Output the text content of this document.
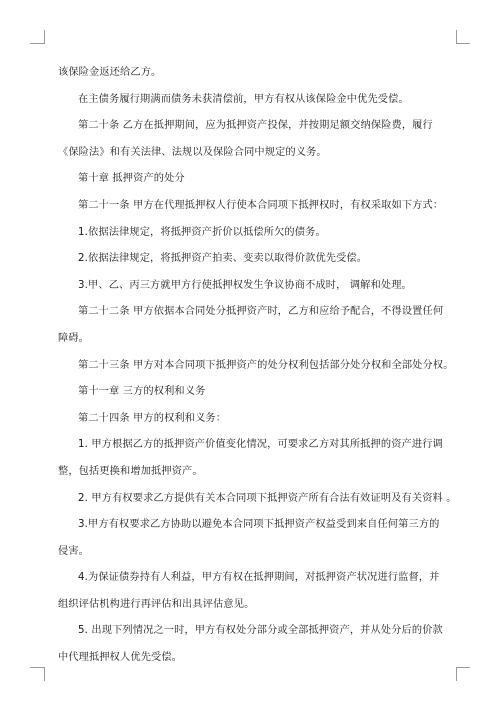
该保险金返还给乙方。

在主债务履行期满而债务未获清偿前，甲方有权从该保险金中优先受偿。

第二十条 乙方在抵押期间，应为抵押资产投保，并按期足额交纳保险费，履行

《保险法》和有关法律、法规以及保险合同中规定的义务。

第十章 抵押资产的处分

第二十一条 甲方在代理抵押权人行使本合同项下抵押权时，有权采取如下方式：

1.依据法律规定，将抵押资产折价以抵偿所欠的债务。

2.依据法律规定，将抵押资产拍卖、变卖以取得价款优先受偿。

3.甲、乙、丙三方就甲方行使抵押权发生争议协商不成时， 调解和处理。

第二十二条 甲方依据本合同处分抵押资产时，乙方和应给予配合，不得设置任何

障碍。

第二十三条 甲方对本合同项下抵押资产的处分权利包括部分处分权和全部处分权。

第十一章 三方的权利和义务

第二十四条 甲方的权利和义务：

1. 甲方根据乙方的抵押资产价值变化情况，可要求乙方对其所抵押的资产进行调

整，包括更换和增加抵押资产。

2. 甲方有权要求乙方提供有关本合同项下抵押资产所有合法有效证明及有关资料 。

3.甲方有权要求乙方协助以避免本合同项下抵押资产权益受到来自任何第三方的

侵害。

4.为保证债券持有人利益，甲方有权在抵押期间，对抵押资产状况进行监督，并

组织评估机构进行再评估和出具评估意见。

5. 出现下列情况之一时，甲方有权处分部分或全部抵押资产，并从处分后的价款

中代理抵押权人优先受偿。
